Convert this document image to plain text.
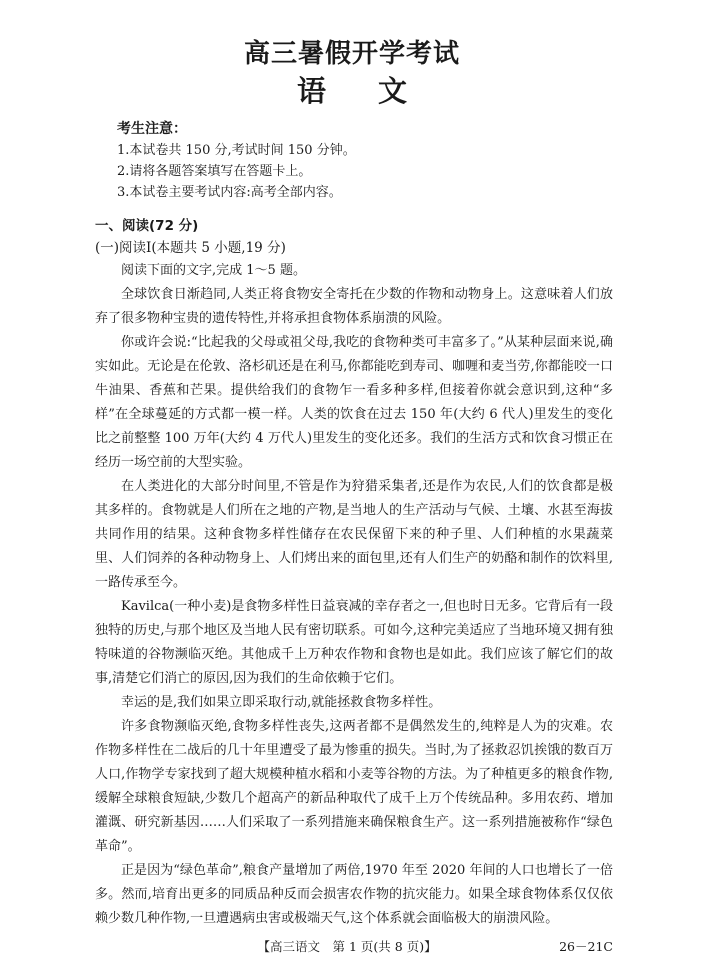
高三暑假开学考试
语文
考生注意：
1.本试卷共 150 分,考试时间 150 分钟。
2.请将各题答案填写在答题卡上。
3.本试卷主要考试内容:高考全部内容。
一、阅读(72 分)
(一)阅读Ⅰ(本题共 5 小题,19 分)

阅读下面的文字,完成 1～5 题。

全球饮食日渐趋同,人类正将食物安全寄托在少数的作物和动物身上。这意味着人们放弃了很多物种宝贵的遗传特性,并将承担食物体系崩溃的风险。

你或许会说:“比起我的父母或祖父母,我吃的食物种类可丰富多了。”从某种层面来说,确实如此。无论是在伦敦、洛杉矶还是在利马,你都能吃到寿司、咖喱和麦当劳,你都能咬一口牛油果、香蕉和芒果。提供给我们的食物乍一看多种多样,但接着你就会意识到,这种“多样”在全球蔓延的方式都一模一样。人类的饮食在过去 150 年(大约 6 代人)里发生的变化比之前整整 100 万年(大约 4 万代人)里发生的变化还多。我们的生活方式和饮食习惯正在经历一场空前的大型实验。

在人类进化的大部分时间里,不管是作为狩猎采集者,还是作为农民,人们的饮食都是极其多样的。食物就是人们所在之地的产物,是当地人的生产活动与气候、土壤、水甚至海拔共同作用的结果。这种食物多样性储存在农民保留下来的种子里、人们种植的水果蔬菜里、人们饲养的各种动物身上、人们烤出来的面包里,还有人们生产的奶酪和制作的饮料里,一路传承至今。

Kavilca(一种小麦)是食物多样性日益衰减的幸存者之一,但也时日无多。它背后有一段独特的历史,与那个地区及当地人民有密切联系。可如今,这种完美适应了当地环境又拥有独特味道的谷物濒临灭绝。其他成千上万种农作物和食物也是如此。我们应该了解它们的故事,清楚它们消亡的原因,因为我们的生命依赖于它们。

幸运的是,我们如果立即采取行动,就能拯救食物多样性。

许多食物濒临灭绝,食物多样性丧失,这两者都不是偶然发生的,纯粹是人为的灾难。农作物多样性在二战后的几十年里遭受了最为惨重的损失。当时,为了拯救忍饥挨饿的数百万人口,作物学专家找到了超大规模种植水稻和小麦等谷物的方法。为了种植更多的粮食作物,缓解全球粮食短缺,少数几个超高产的新品种取代了成千上万个传统品种。多用农药、增加灌溉、研究新基因……人们采取了一系列措施来确保粮食生产。这一系列措施被称作“绿色革命”。

正是因为“绿色革命”,粮食产量增加了两倍,1970 年至 2020 年间的人口也增长了一倍多。然而,培育出更多的同质品种反而会损害农作物的抗灾能力。如果全球食物体系仅仅依赖少数几种作物,一旦遭遇病虫害或极端天气,这个体系就会面临极大的崩溃风险。

【高三语文　第 1 页(共 8 页)】	26－21C
